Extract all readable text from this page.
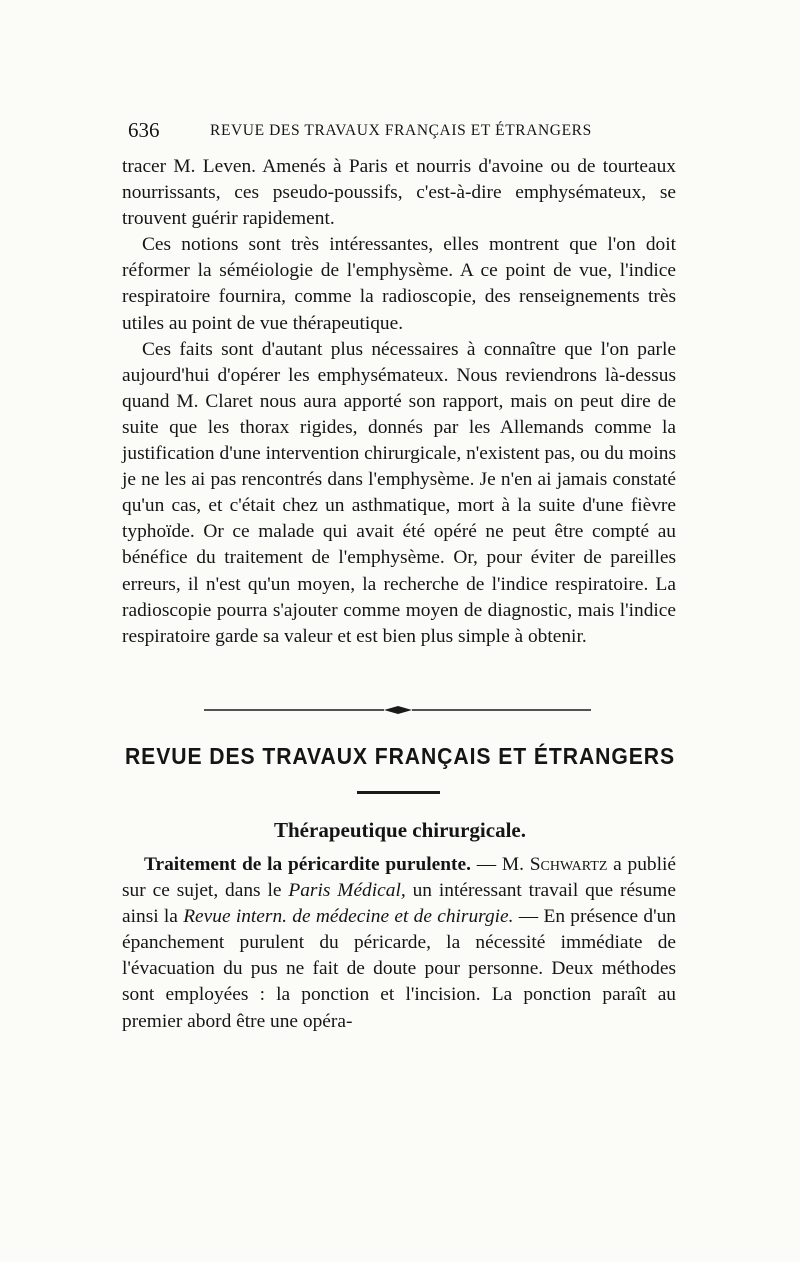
636	REVUE DES TRAVAUX FRANÇAIS ET ÉTRANGERS

tracer M. Leven. Amenés à Paris et nourris d'avoine ou de tourteaux nourrissants, ces pseudo-poussifs, c'est-à-dire emphysémateux, se trouvent guérir rapidement.

Ces notions sont très intéressantes, elles montrent que l'on doit réformer la séméiologie de l'emphysème. A ce point de vue, l'indice respiratoire fournira, comme la radioscopie, des renseignements très utiles au point de vue thérapeutique.

Ces faits sont d'autant plus nécessaires à connaître que l'on parle aujourd'hui d'opérer les emphysémateux. Nous reviendrons là-dessus quand M. Claret nous aura apporté son rapport, mais on peut dire de suite que les thorax rigides, donnés par les Allemands comme la justification d'une intervention chirurgicale, n'existent pas, ou du moins je ne les ai pas rencontrés dans l'emphysème. Je n'en ai jamais constaté qu'un cas, et c'était chez un asthmatique, mort à la suite d'une fièvre typhoïde. Or ce malade qui avait été opéré ne peut être compté au bénéfice du traitement de l'emphysème. Or, pour éviter de pareilles erreurs, il n'est qu'un moyen, la recherche de l'indice respiratoire. La radioscopie pourra s'ajouter comme moyen de diagnostic, mais l'indice respiratoire garde sa valeur et est bien plus simple à obtenir.

REVUE DES TRAVAUX FRANÇAIS ET ÉTRANGERS
Thérapeutique chirurgicale.

Traitement de la péricardite purulente. — M. Schwartz a publié sur ce sujet, dans le Paris Médical, un intéressant travail que résume ainsi la Revue intern. de médecine et de chirurgie. — En présence d'un épanchement purulent du péricarde, la nécessité immédiate de l'évacuation du pus ne fait de doute pour personne. Deux méthodes sont employées : la ponction et l'incision. La ponction paraît au premier abord être une opéra-
